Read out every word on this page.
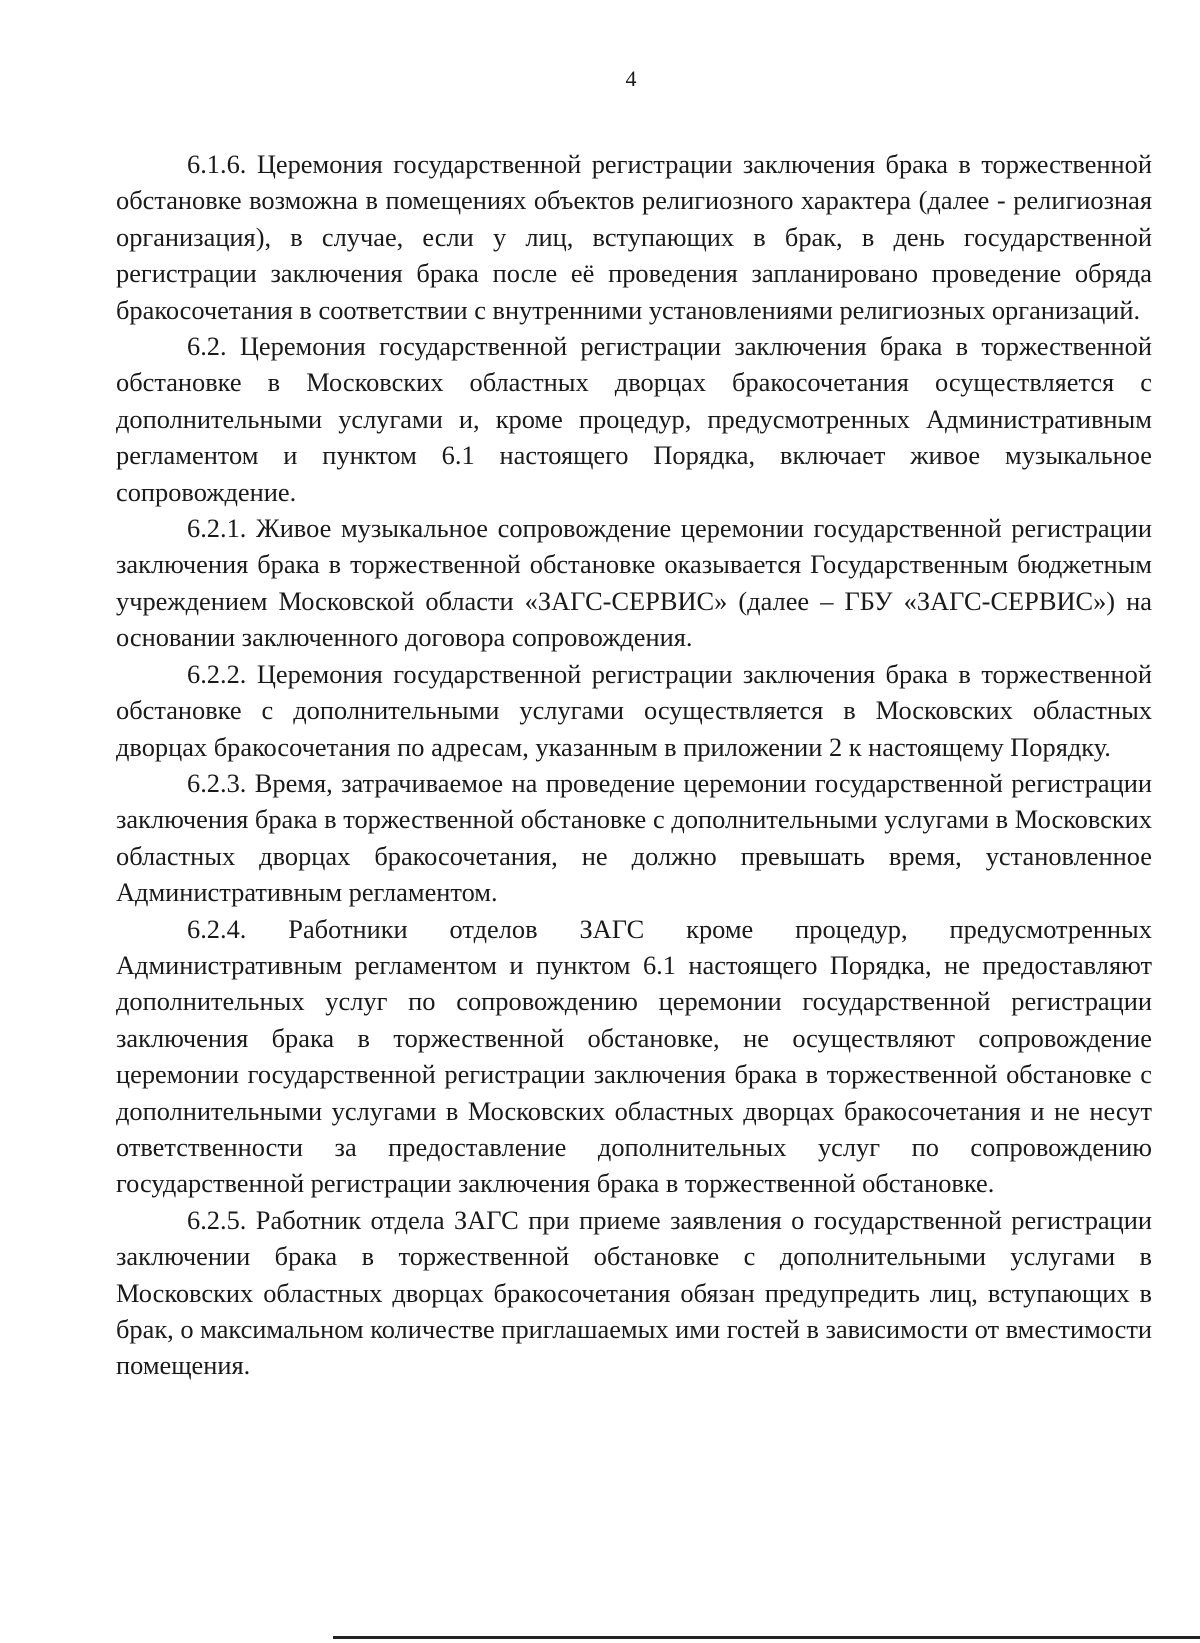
4

6.1.6. Церемония государственной регистрации заключения брака в торжественной обстановке возможна в помещениях объектов религиозного характера (далее - религиозная организация), в случае, если у лиц, вступающих в брак, в день государственной регистрации заключения брака после её проведения запланировано проведение обряда бракосочетания в соответствии с внутренними установлениями религиозных организаций.

6.2. Церемония государственной регистрации заключения брака в торжественной обстановке в Московских областных дворцах бракосочетания осуществляется с дополнительными услугами и, кроме процедур, предусмотренных Административным регламентом и пунктом 6.1 настоящего Порядка, включает живое музыкальное сопровождение.

6.2.1. Живое музыкальное сопровождение церемонии государственной регистрации заключения брака в торжественной обстановке оказывается Государственным бюджетным учреждением Московской области «ЗАГС-СЕРВИС» (далее – ГБУ «ЗАГС-СЕРВИС») на основании заключенного договора сопровождения.

6.2.2. Церемония государственной регистрации заключения брака в торжественной обстановке с дополнительными услугами осуществляется в Московских областных дворцах бракосочетания по адресам, указанным в приложении 2 к настоящему Порядку.

6.2.3. Время, затрачиваемое на проведение церемонии государственной регистрации заключения брака в торжественной обстановке с дополнительными услугами в Московских областных дворцах бракосочетания, не должно превышать время, установленное Административным регламентом.

6.2.4. Работники отделов ЗАГС кроме процедур, предусмотренных Административным регламентом и пунктом 6.1 настоящего Порядка, не предоставляют дополнительных услуг по сопровождению церемонии государственной регистрации заключения брака в торжественной обстановке, не осуществляют сопровождение церемонии государственной регистрации заключения брака в торжественной обстановке с дополнительными услугами в Московских областных дворцах бракосочетания и не несут ответственности за предоставление дополнительных услуг по сопровождению государственной регистрации заключения брака в торжественной обстановке.

6.2.5. Работник отдела ЗАГС при приеме заявления о государственной регистрации заключении брака в торжественной обстановке с дополнительными услугами в Московских областных дворцах бракосочетания обязан предупредить лиц, вступающих в брак, о максимальном количестве приглашаемых ими гостей в зависимости от вместимости помещения.
